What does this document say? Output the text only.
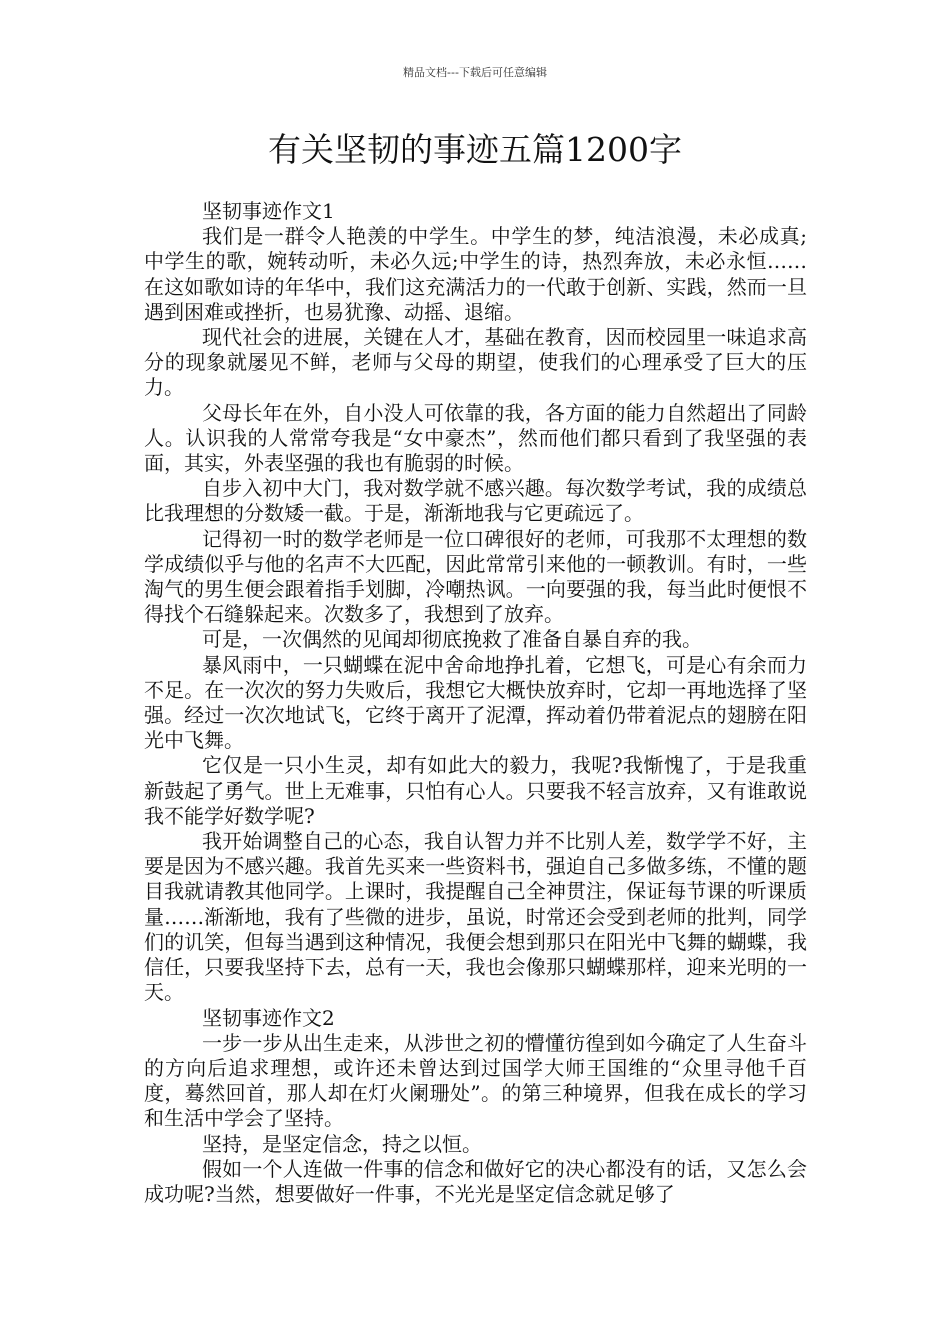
精品文档---下载后可任意编辑
有关坚韧的事迹五篇1200字

坚韧事迹作文1

我们是一群令人艳羡的中学生。中学生的梦，纯洁浪漫，未必成真;中学生的歌，婉转动听，未必久远;中学生的诗，热烈奔放，未必永恒……在这如歌如诗的年华中，我们这充满活力的一代敢于创新、实践，然而一旦遇到困难或挫折，也易犹豫、动摇、退缩。

现代社会的进展，关键在人才，基础在教育，因而校园里一味追求高分的现象就屡见不鲜，老师与父母的期望，使我们的心理承受了巨大的压力。

父母长年在外，自小没人可依靠的我，各方面的能力自然超出了同龄人。认识我的人常常夸我是“女中豪杰”，然而他们都只看到了我坚强的表面，其实，外表坚强的我也有脆弱的时候。

自步入初中大门，我对数学就不感兴趣。每次数学考试，我的成绩总比我理想的分数矮一截。于是，渐渐地我与它更疏远了。

记得初一时的数学老师是一位口碑很好的老师，可我那不太理想的数学成绩似乎与他的名声不大匹配，因此常常引来他的一顿教训。有时，一些淘气的男生便会跟着指手划脚，冷嘲热讽。一向要强的我，每当此时便恨不得找个石缝躲起来。次数多了，我想到了放弃。

可是，一次偶然的见闻却彻底挽救了准备自暴自弃的我。

暴风雨中，一只蝴蝶在泥中舍命地挣扎着，它想飞，可是心有余而力不足。在一次次的努力失败后，我想它大概快放弃时，它却一再地选择了坚强。经过一次次地试飞，它终于离开了泥潭，挥动着仍带着泥点的翅膀在阳光中飞舞。

它仅是一只小生灵，却有如此大的毅力，我呢?我惭愧了，于是我重新鼓起了勇气。世上无难事，只怕有心人。只要我不轻言放弃，又有谁敢说我不能学好数学呢?

我开始调整自己的心态，我自认智力并不比别人差，数学学不好，主要是因为不感兴趣。我首先买来一些资料书，强迫自己多做多练，不懂的题目我就请教其他同学。上课时，我提醒自己全神贯注，保证每节课的听课质量……渐渐地，我有了些微的进步，虽说，时常还会受到老师的批判，同学们的讥笑，但每当遇到这种情况，我便会想到那只在阳光中飞舞的蝴蝶，我信任，只要我坚持下去，总有一天，我也会像那只蝴蝶那样，迎来光明的一天。

坚韧事迹作文2

一步一步从出生走来，从涉世之初的懵懂彷徨到如今确定了人生奋斗的方向后追求理想，或许还未曾达到过国学大师王国维的“众里寻他千百度，蓦然回首，那人却在灯火阑珊处”。的第三种境界，但我在成长的学习和生活中学会了坚持。

坚持，是坚定信念，持之以恒。

假如一个人连做一件事的信念和做好它的决心都没有的话，又怎么会成功呢?当然，想要做好一件事，不光光是坚定信念就足够了
